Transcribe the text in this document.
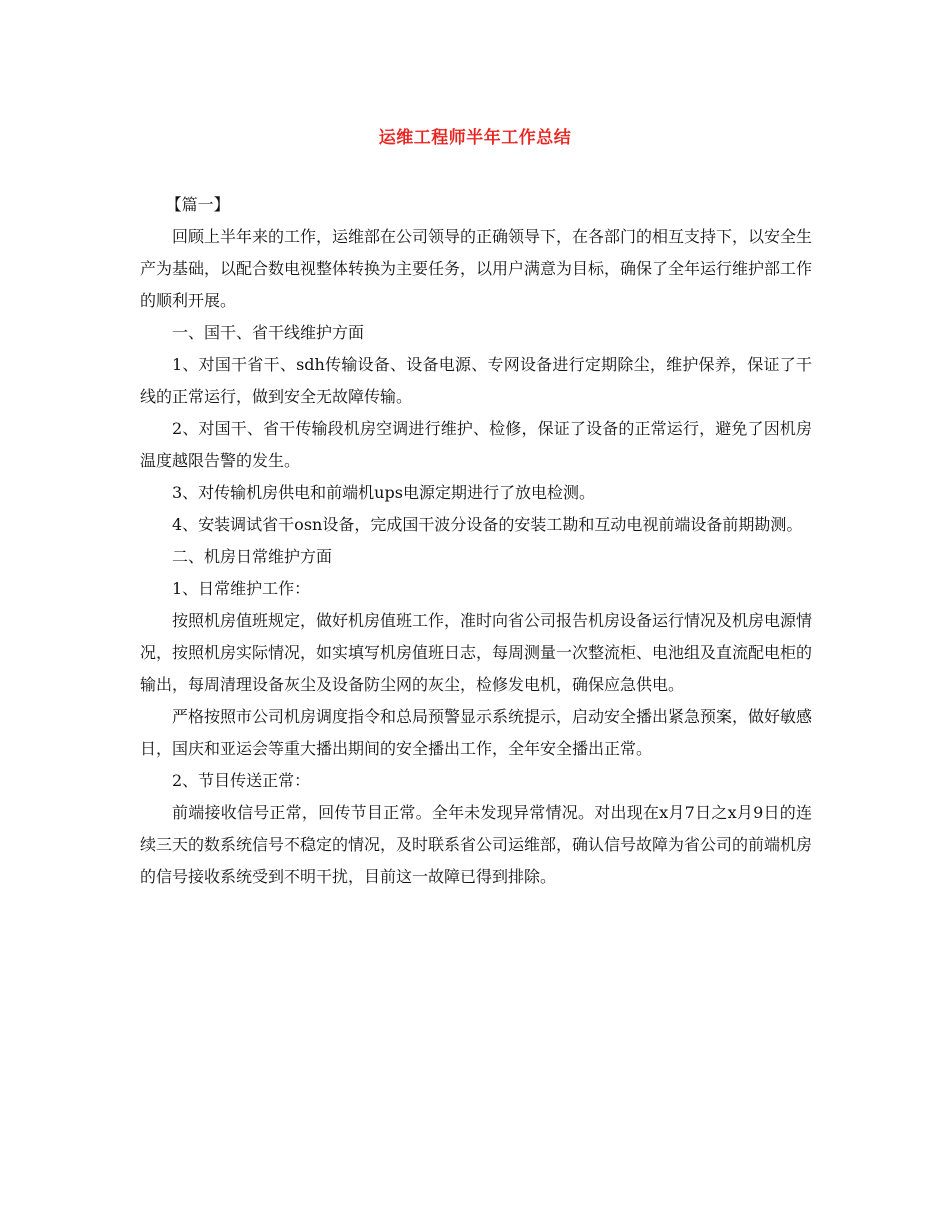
运维工程师半年工作总结

【篇一】

回顾上半年来的工作，运维部在公司领导的正确领导下，在各部门的相互支持下，以安全生产为基础，以配合数电视整体转换为主要任务，以用户满意为目标，确保了全年运行维护部工作的顺利开展。

一、国干、省干线维护方面

1、对国干省干、sdh传输设备、设备电源、专网设备进行定期除尘，维护保养，保证了干线的正常运行，做到安全无故障传输。

2、对国干、省干传输段机房空调进行维护、检修，保证了设备的正常运行，避免了因机房温度越限告警的发生。

3、对传输机房供电和前端机ups电源定期进行了放电检测。

4、安装调试省干osn设备，完成国干波分设备的安装工勘和互动电视前端设备前期勘测。

二、机房日常维护方面

1、日常维护工作：

按照机房值班规定，做好机房值班工作，准时向省公司报告机房设备运行情况及机房电源情况，按照机房实际情况，如实填写机房值班日志，每周测量一次整流柜、电池组及直流配电柜的输出，每周清理设备灰尘及设备防尘网的灰尘，检修发电机，确保应急供电。

严格按照市公司机房调度指令和总局预警显示系统提示，启动安全播出紧急预案，做好敏感日，国庆和亚运会等重大播出期间的安全播出工作，全年安全播出正常。

2、节目传送正常：

前端接收信号正常，回传节目正常。全年未发现异常情况。对出现在x月7日之x月9日的连续三天的数系统信号不稳定的情况，及时联系省公司运维部，确认信号故障为省公司的前端机房的信号接收系统受到不明干扰，目前这一故障已得到排除。
